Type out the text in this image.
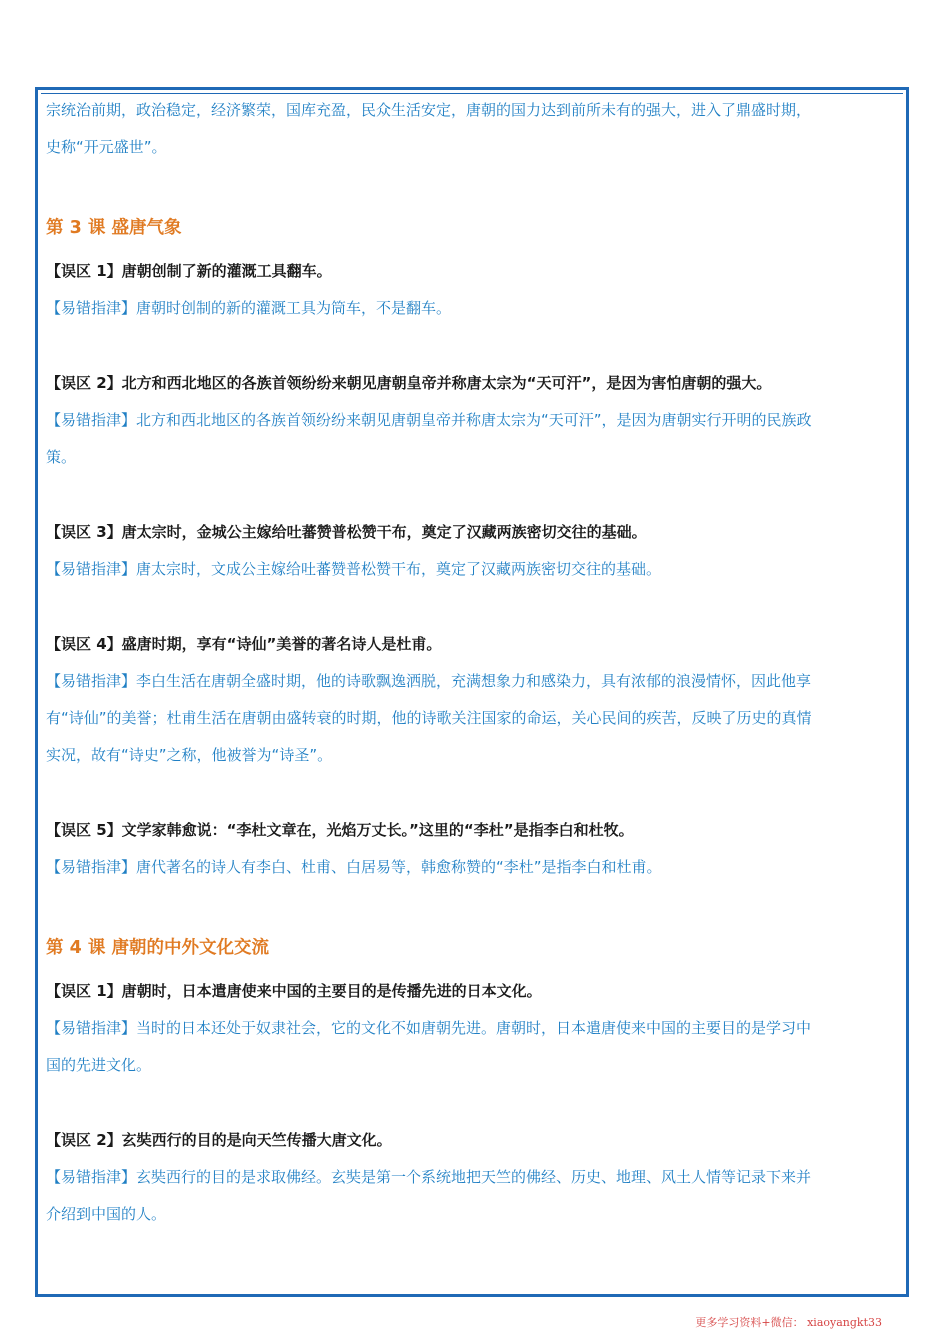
宗统治前期，政治稳定，经济繁荣，国库充盈，民众生活安定，唐朝的国力达到前所未有的强大，进入了鼎盛时期，

史称“开元盛世”。

第 3 课 盛唐气象

【误区 1】唐朝创制了新的灌溉工具翻车。

【易错指津】唐朝时创制的新的灌溉工具为筒车，不是翻车。

【误区 2】北方和西北地区的各族首领纷纷来朝见唐朝皇帝并称唐太宗为“天可汗”，是因为害怕唐朝的强大。

【易错指津】北方和西北地区的各族首领纷纷来朝见唐朝皇帝并称唐太宗为“天可汗”，是因为唐朝实行开明的民族政

策。

【误区 3】唐太宗时，金城公主嫁给吐蕃赞普松赞干布，奠定了汉藏两族密切交往的基础。

【易错指津】唐太宗时，文成公主嫁给吐蕃赞普松赞干布，奠定了汉藏两族密切交往的基础。

【误区 4】盛唐时期，享有“诗仙”美誉的著名诗人是杜甫。

【易错指津】李白生活在唐朝全盛时期，他的诗歌飘逸洒脱，充满想象力和感染力，具有浓郁的浪漫情怀，因此他享

有“诗仙”的美誉；杜甫生活在唐朝由盛转衰的时期，他的诗歌关注国家的命运，关心民间的疾苦，反映了历史的真情

实况，故有“诗史”之称，他被誉为“诗圣”。

【误区 5】文学家韩愈说：“李杜文章在，光焰万丈长。”这里的“李杜”是指李白和杜牧。

【易错指津】唐代著名的诗人有李白、杜甫、白居易等，韩愈称赞的“李杜”是指李白和杜甫。

第 4 课 唐朝的中外文化交流

【误区 1】唐朝时，日本遣唐使来中国的主要目的是传播先进的日本文化。

【易错指津】当时的日本还处于奴隶社会，它的文化不如唐朝先进。唐朝时，日本遣唐使来中国的主要目的是学习中

国的先进文化。

【误区 2】玄奘西行的目的是向天竺传播大唐文化。

【易错指津】玄奘西行的目的是求取佛经。玄奘是第一个系统地把天竺的佛经、历史、地理、风土人情等记录下来并

介绍到中国的人。

更多学习资料+微信： xiaoyangkt33
